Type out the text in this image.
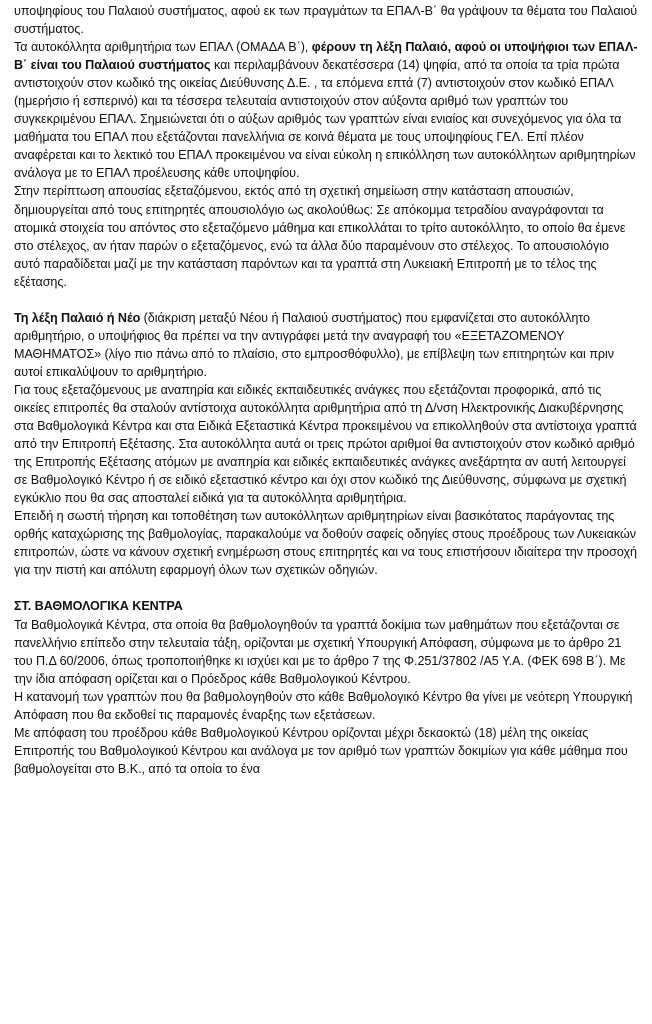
υποψηφίους του Παλαιού συστήματος, αφού εκ των πραγμάτων τα ΕΠΑΛ-Β΄ θα γράψουν τα θέματα του Παλαιού συστήματος.

Τα αυτοκόλλητα αριθμητήρια των ΕΠΑΛ (ΟΜΑΔΑ Β΄), φέρουν τη λέξη Παλαιό, αφού οι υποψήφιοι των ΕΠΑΛ-Β΄ είναι του Παλαιού συστήματος και περιλαμβάνουν δεκατέσσερα (14) ψηφία, από τα οποία τα τρία πρώτα αντιστοιχούν στον κωδικό της οικείας Διεύθυνσης Δ.Ε. , τα επόμενα επτά (7) αντιστοιχούν στον κωδικό ΕΠΑΛ (ημερήσιο ή εσπερινό) και τα τέσσερα τελευταία αντιστοιχούν στον αύξοντα αριθμό των γραπτών του συγκεκριμένου ΕΠΑΛ. Σημειώνεται ότι ο αύξων αριθμός των γραπτών είναι ενιαίος και συνεχόμενος για όλα τα μαθήματα του ΕΠΑΛ που εξετάζονται πανελλήνια σε κοινά θέματα με τους υποψηφίους ΓΕΛ. Επί πλέον αναφέρεται και το λεκτικό του ΕΠΑΛ προκειμένου να είναι εύκολη η επικόλληση των αυτοκόλλητων αριθμητηρίων ανάλογα με το ΕΠΑΛ προέλευσης κάθε υποψηφίου.

Στην περίπτωση απουσίας εξεταζόμενου, εκτός από τη σχετική σημείωση στην κατάσταση απουσιών, δημιουργείται από τους επιτηρητές απουσιολόγιο ως ακολούθως: Σε απόκομμα τετραδίου αναγράφονται τα ατομικά στοιχεία του απόντος στο εξεταζόμενο μάθημα και επικολλάται το τρίτο αυτοκόλλητο, το οποίο θα έμενε στο στέλεχος, αν ήταν παρών ο εξεταζόμενος, ενώ τα άλλα δύο παραμένουν στο στέλεχος. Το απουσιολόγιο αυτό παραδίδεται μαζί με την κατάσταση παρόντων και τα γραπτά στη Λυκειακή Επιτροπή με το τέλος της εξέτασης.

Τη λέξη Παλαιό ή Νέο (διάκριση μεταξύ Νέου ή Παλαιού συστήματος) που εμφανίζεται στο αυτοκόλλητο αριθμητήριο, ο υποψήφιος θα πρέπει να την αντιγράφει μετά την αναγραφή του «ΕΞΕΤΑΖΟΜΕΝΟΥ ΜΑΘΗΜΑΤΟΣ» (λίγο πιο πάνω από το πλαίσιο, στο εμπροσθόφυλλο), με επίβλεψη των επιτηρητών και πριν αυτοί επικαλύψουν το αριθμητήριο.

Για τους εξεταζόμενους με αναπηρία και ειδικές εκπαιδευτικές ανάγκες που εξετάζονται προφορικά, από τις οικείες επιτροπές θα σταλούν αντίστοιχα αυτοκόλλητα αριθμητήρια από τη Δ/νση Ηλεκτρονικής Διακυβέρνησης στα Βαθμολογικά Κέντρα και στα Ειδικά Εξεταστικά Κέντρα προκειμένου να επικολληθούν στα αντίστοιχα γραπτά από την Επιτροπή Εξέτασης. Στα αυτοκόλλητα αυτά οι τρεις πρώτοι αριθμοί θα αντιστοιχούν στον κωδικό αριθμό της Επιτροπής Εξέτασης ατόμων με αναπηρία και ειδικές εκπαιδευτικές ανάγκες ανεξάρτητα αν αυτή λειτουργεί σε Βαθμολογικό Κέντρο ή σε ειδικό εξεταστικό κέντρο και όχι στον κωδικό της Διεύθυνσης, σύμφωνα με σχετική εγκύκλιο που θα σας αποσταλεί ειδικά για τα αυτοκόλλητα αριθμητήρια.

Επειδή η σωστή τήρηση και τοποθέτηση των αυτοκόλλητων αριθμητηρίων είναι βασικότατος παράγοντας της ορθής καταχώρισης της βαθμολογίας, παρακαλούμε να δοθούν σαφείς οδηγίες στους προέδρους των Λυκειακών επιτροπών, ώστε να κάνουν σχετική ενημέρωση στους επιτηρητές και να τους επιστήσουν ιδιαίτερα την προσοχή για την πιστή και απόλυτη εφαρμογή όλων των σχετικών οδηγιών.

ΣΤ. ΒΑΘΜΟΛΟΓΙΚΑ ΚΕΝΤΡΑ

Τα Βαθμολογικά Κέντρα, στα οποία θα βαθμολογηθούν τα γραπτά δοκίμια των μαθημάτων που εξετάζονται σε πανελλήνιο επίπεδο στην τελευταία τάξη, ορίζονται με σχετική Υπουργική Απόφαση, σύμφωνα με το άρθρο 21 του Π.Δ 60/2006, όπως τροποποιήθηκε κι ισχύει και με το άρθρο 7 της Φ.251/37802 /Α5 Υ.Α. (ΦΕΚ 698 Β΄). Με την ίδια απόφαση ορίζεται και ο Πρόεδρος κάθε Βαθμολογικού Κέντρου.

Η κατανομή των γραπτών που θα βαθμολογηθούν στο κάθε Βαθμολογικό Κέντρο θα γίνει με νεότερη Υπουργική Απόφαση που θα εκδοθεί τις παραμονές έναρξης των εξετάσεων.

Με απόφαση του προέδρου κάθε Βαθμολογικού Κέντρου ορίζονται μέχρι δεκαοκτώ (18) μέλη της οικείας Επιτροπής του Βαθμολογικού Κέντρου και ανάλογα με τον αριθμό των γραπτών δοκιμίων για κάθε μάθημα που βαθμολογείται στο Β.Κ., από τα οποία το ένα
